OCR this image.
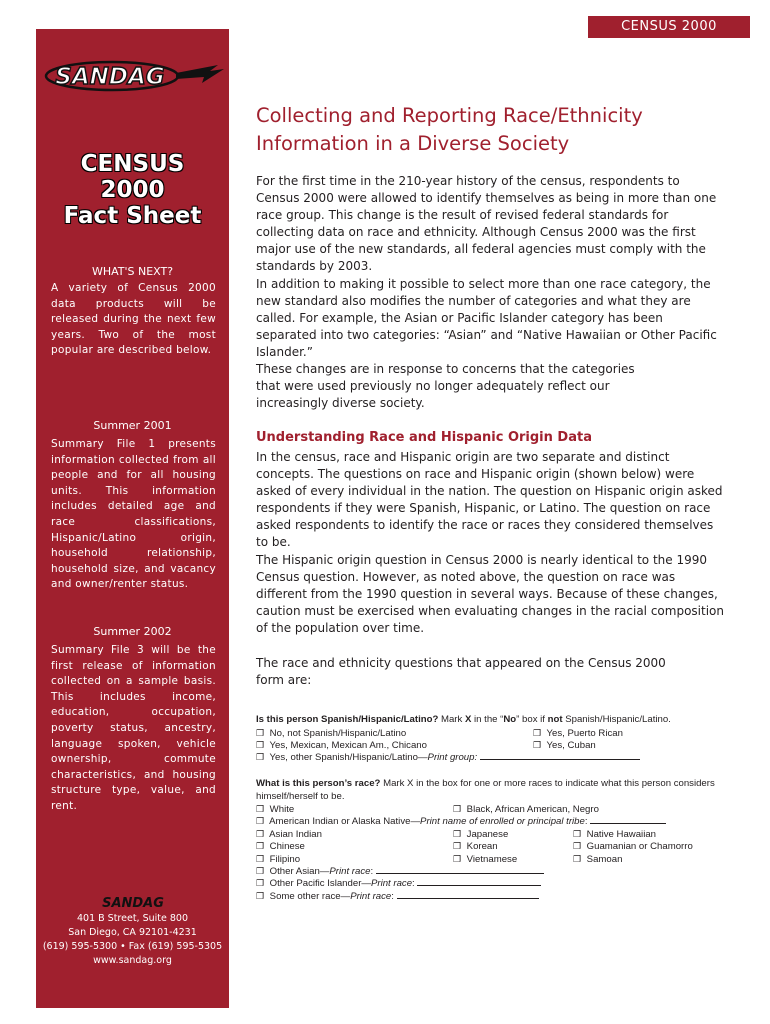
CENSUS 2000
SANDAG
CENSUS
2000
Fact Sheet
WHAT'S NEXT?

A variety of Census 2000 data products will be released during the next few years. Two of the most popular are described below.

Summer 2001

Summary File 1 presents information collected from all people and for all housing units. This information includes detailed age and race classifications, Hispanic/Latino origin, household relationship, household size, and vacancy and owner/renter status.

Summer 2002

Summary File 3 will be the first release of information collected on a sample basis. This includes income, education, occupation, poverty status, ancestry, language spoken, vehicle ownership, commute characteristics, and housing structure type, value, and rent.

SANDAG
401 B Street, Suite 800
San Diego, CA 92101-4231
(619) 595-5300 • Fax (619) 595-5305
www.sandag.org
Collecting and Reporting Race/Ethnicity
Information in a Diverse Society

For the first time in the 210-year history of the census, respondents to Census 2000 were allowed to identify themselves as being in more than one race group. This change is the result of revised federal standards for collecting data on race and ethnicity. Although Census 2000 was the first major use of the new standards, all federal agencies must comply with the standards by 2003.

In addition to making it possible to select more than one race category, the new standard also modifies the number of categories and what they are called. For example, the Asian or Pacific Islander category has been separated into two categories: “Asian” and “Native Hawaiian or Other Pacific Islander.”

These changes are in response to concerns that the categories that were used previously no longer adequately reflect our increasingly diverse society.

Understanding Race and Hispanic Origin Data

In the census, race and Hispanic origin are two separate and distinct concepts. The questions on race and Hispanic origin (shown below) were asked of every individual in the nation. The question on Hispanic origin asked respondents if they were Spanish, Hispanic, or Latino. The question on race asked respondents to identify the race or races they considered themselves to be.

The Hispanic origin question in Census 2000 is nearly identical to the 1990 Census question. However, as noted above, the question on race was different from the 1990 question in several ways. Because of these changes, caution must be exercised when evaluating changes in the racial composition of the population over time.

The race and ethnicity questions that appeared on the Census 2000 form are:

Is this person Spanish/Hispanic/Latino? Mark X in the “No” box if not Spanish/Hispanic/Latino.

❒ No, not Spanish/Hispanic/Latino	❒ Yes, Puerto Rican
❒ Yes, Mexican, Mexican Am., Chicano	❒ Yes, Cuban
❒ Yes, other Spanish/Hispanic/Latino—Print group:

What is this person’s race? Mark X in the box for one or more races to indicate what this person considers himself/herself to be.

❒ White	❒ Black, African American, Negro
❒ American Indian or Alaska Native—Print name of enrolled or principal tribe:
❒ Asian Indian	❒ Japanese	❒ Native Hawaiian
❒ Chinese	❒ Korean	❒ Guamanian or Chamorro
❒ Filipino	❒ Vietnamese	❒ Samoan
❒ Other Asian—Print race:
❒ Other Pacific Islander—Print race:
❒ Some other race—Print race:
